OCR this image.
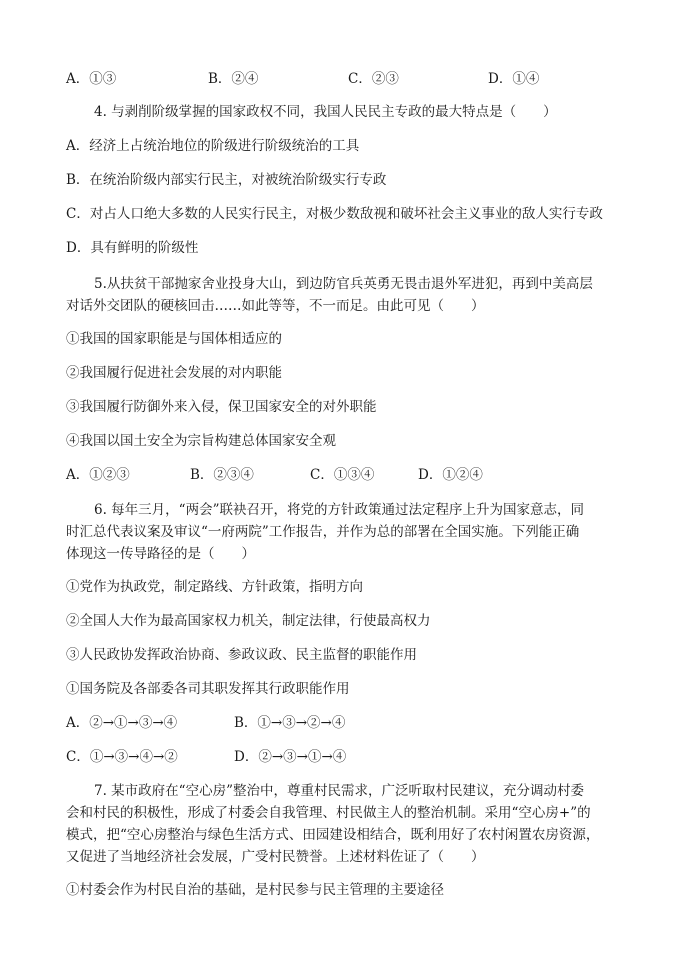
A．①③	B．②④	C．②③	D．①④
4. 与剥削阶级掌握的国家政权不同，我国人民民主专政的最大特点是（　　）
A．经济上占统治地位的阶级进行阶级统治的工具
B．在统治阶级内部实行民主，对被统治阶级实行专政
C．对占人口绝大多数的人民实行民主，对极少数敌视和破坏社会主义事业的敌人实行专政
D．具有鲜明的阶级性
5.从扶贫干部抛家舍业投身大山，到边防官兵英勇无畏击退外军进犯，再到中美高层
对话外交团队的硬核回击……如此等等，不一而足。由此可见（　　）
①我国的国家职能是与国体相适应的
②我国履行促进社会发展的对内职能
③我国履行防御外来入侵，保卫国家安全的对外职能
④我国以国土安全为宗旨构建总体国家安全观
A．①②③	B．②③④	C．①③④	D．①②④
6. 每年三月，“两会”联袂召开，将党的方针政策通过法定程序上升为国家意志，同
时汇总代表议案及审议“一府两院”工作报告，并作为总的部署在全国实施。下列能正确
体现这一传导路径的是（　　）
①党作为执政党，制定路线、方针政策，指明方向
②全国人大作为最高国家权力机关，制定法律，行使最高权力
③人民政协发挥政治协商、参政议政、民主监督的职能作用
①国务院及各部委各司其职发挥其行政职能作用
A．②→①→③→④	B．①→③→②→④
C．①→③→④→②	D．②→③→①→④
7. 某市政府在“空心房”整治中，尊重村民需求，广泛听取村民建议，充分调动村委
会和村民的积极性，形成了村委会自我管理、村民做主人的整治机制。采用“空心房+”的
模式，把“空心房整治与绿色生活方式、田园建设相结合，既利用好了农村闲置农房资源，
又促进了当地经济社会发展，广受村民赞誉。上述材料佐证了（　　）
①村委会作为村民自治的基础，是村民参与民主管理的主要途径
